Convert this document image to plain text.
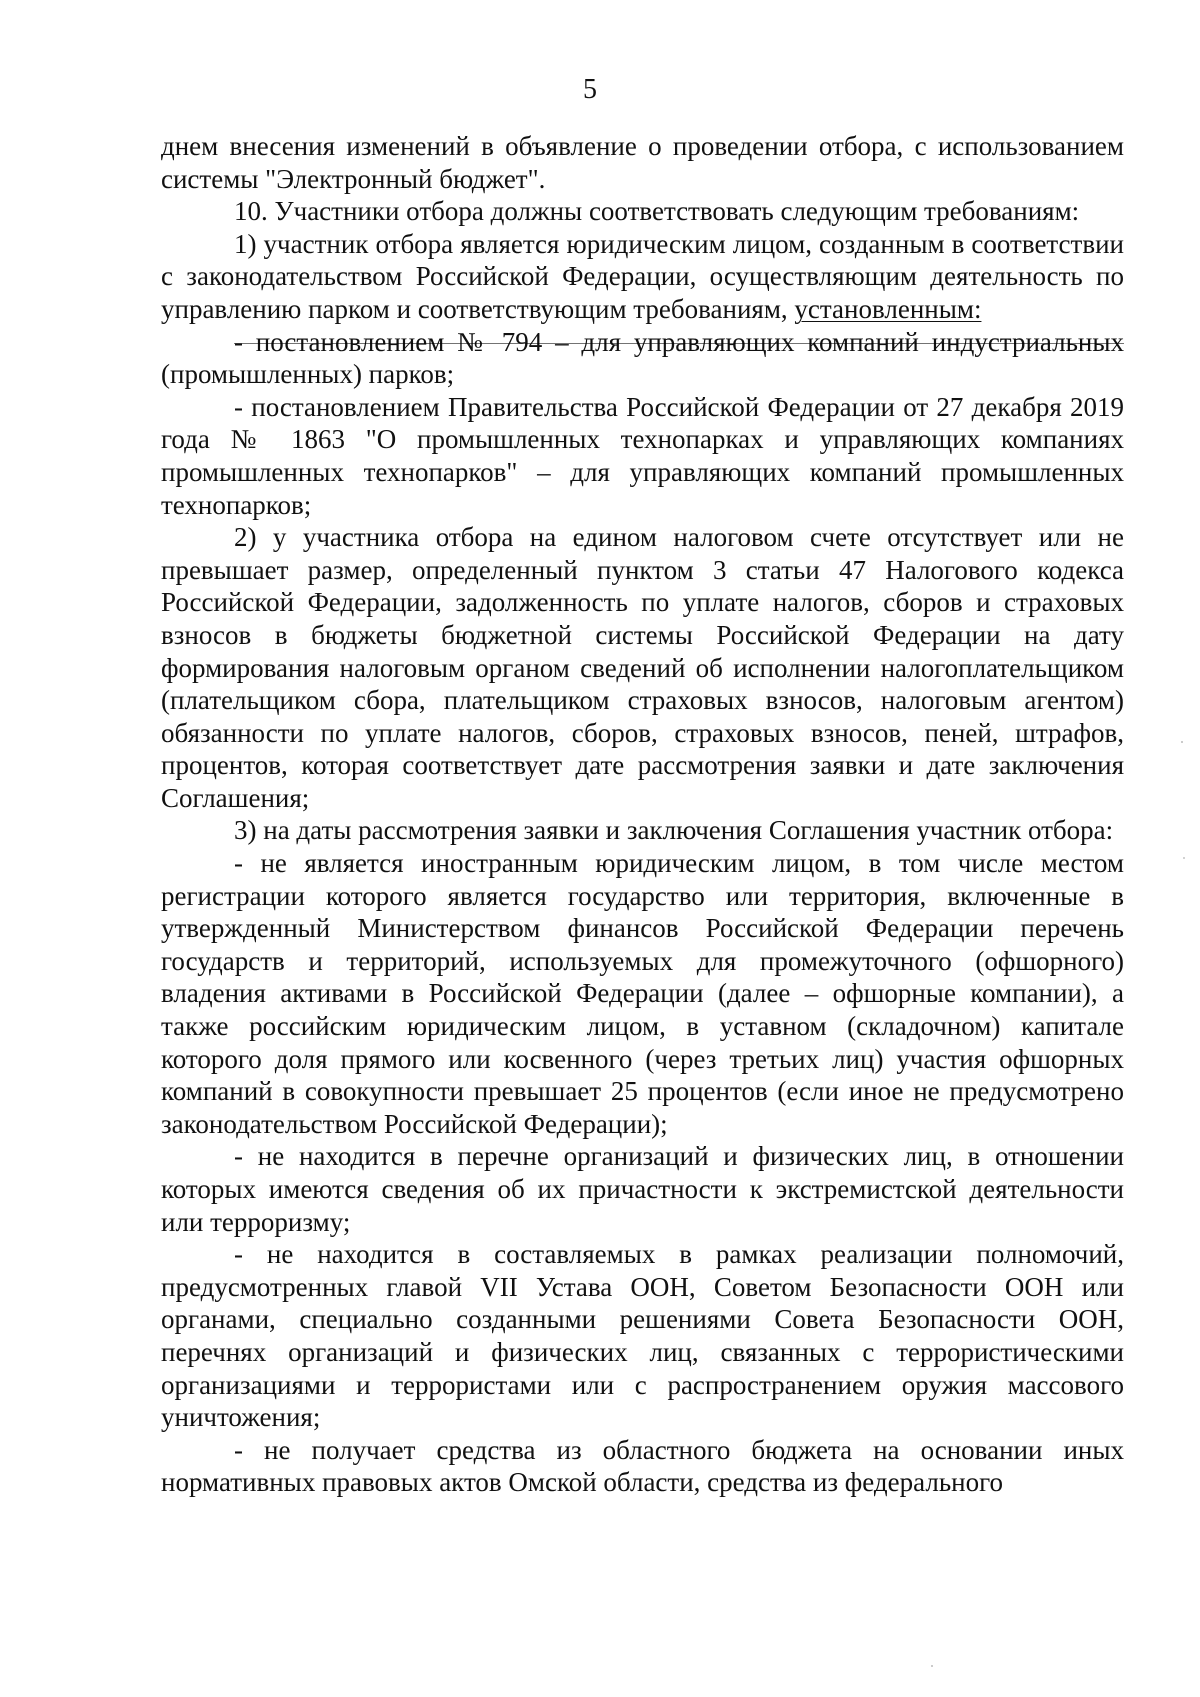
5

днем внесения изменений в объявление о проведении отбора, с использованием системы "Электронный бюджет".

10. Участники отбора должны соответствовать следующим требованиям:

1) участник отбора является юридическим лицом, созданным в соответствии с законодательством Российской Федерации, осуществляющим деятельность по управлению парком и соответствующим требованиям, установленным:

- постановлением № 794 – для управляющих компаний индустриальных (промышленных) парков;

- постановлением Правительства Российской Федерации от 27 декабря 2019 года № 1863 "О промышленных технопарках и управляющих компаниях промышленных технопарков" – для управляющих компаний промышленных технопарков;

2) у участника отбора на едином налоговом счете отсутствует или не превышает размер, определенный пунктом 3 статьи 47 Налогового кодекса Российской Федерации, задолженность по уплате налогов, сборов и страховых взносов в бюджеты бюджетной системы Российской Федерации на дату формирования налоговым органом сведений об исполнении налогоплательщиком (плательщиком сбора, плательщиком страховых взносов, налоговым агентом) обязанности по уплате налогов, сборов, страховых взносов, пеней, штрафов, процентов, которая соответствует дате рассмотрения заявки и дате заключения Соглашения;

3) на даты рассмотрения заявки и заключения Соглашения участник отбора:

- не является иностранным юридическим лицом, в том числе местом регистрации которого является государство или территория, включенные в утвержденный Министерством финансов Российской Федерации перечень государств и территорий, используемых для промежуточного (офшорного) владения активами в Российской Федерации (далее – офшорные компании), а также российским юридическим лицом, в уставном (складочном) капитале которого доля прямого или косвенного (через третьих лиц) участия офшорных компаний в совокупности превышает 25 процентов (если иное не предусмотрено законодательством Российской Федерации);

- не находится в перечне организаций и физических лиц, в отношении которых имеются сведения об их причастности к экстремистской деятельности или терроризму;

- не находится в составляемых в рамках реализации полномочий, предусмотренных главой VII Устава ООН, Советом Безопасности ООН или органами, специально созданными решениями Совета Безопасности ООН, перечнях организаций и физических лиц, связанных с террористическими организациями и террористами или с распространением оружия массового уничтожения;

- не получает средства из областного бюджета на основании иных нормативных правовых актов Омской области, средства из федерального
